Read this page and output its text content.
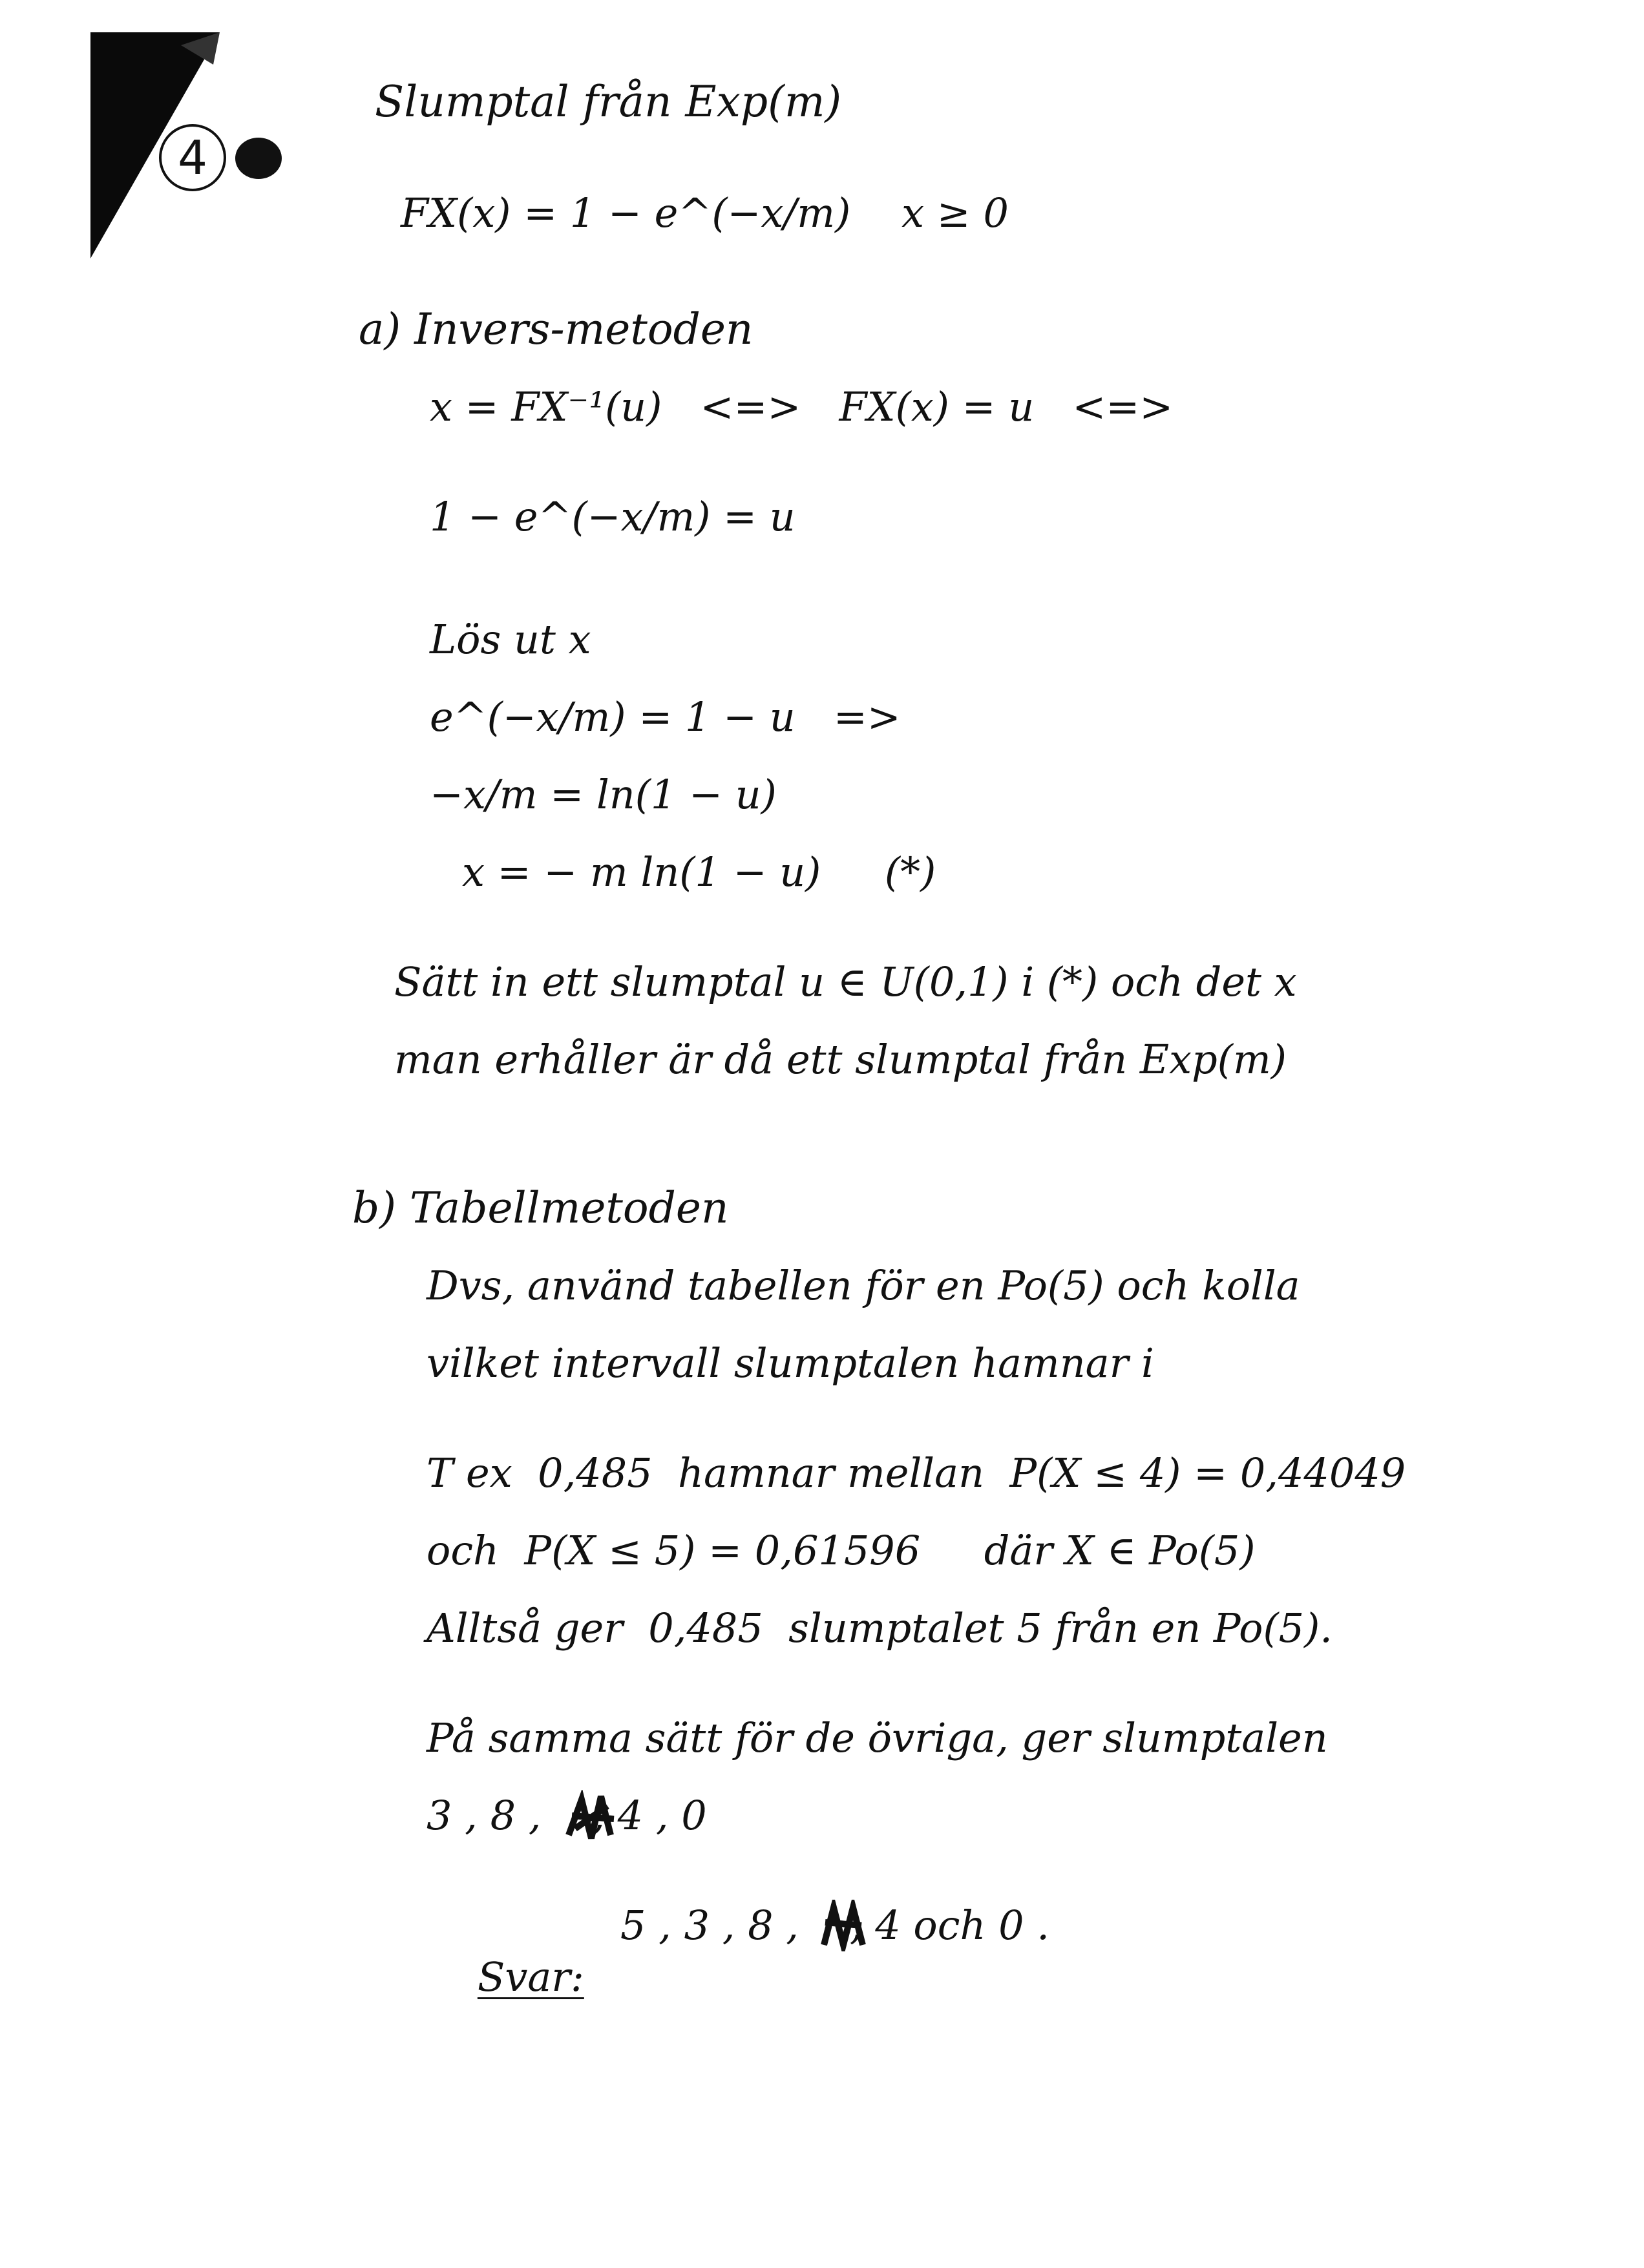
4
Slumptal från Exp(m)
FX(x) = 1 − e^(−x/m)    x ≥ 0
a) Invers-metoden
x = FX⁻¹(u)   <=>   FX(x) = u   <=>
1 − e^(−x/m) = u
Lös ut x
e^(−x/m) = 1 − u   =>
−x/m = ln(1 − u)
x = − m ln(1 − u)     (*)
Sätt in ett slumptal u ∈ U(0,1) i (*) och det x
man erhåller är då ett slumptal från Exp(m)
b) Tabellmetoden
Dvs, använd tabellen för en Po(5) och kolla
vilket intervall slumptalen hamnar i
T ex  0,485  hamnar mellan  P(X ≤ 4) = 0,44049
och  P(X ≤ 5) = 0,61596     där X ∈ Po(5)
Alltså ger  0,485  slumptalet 5 från en Po(5).
På samma sätt för de övriga, ger slumptalen
3 , 8 ,    , 4 , 0

Svar:

5 , 3 , 8 ,    , 4 och 0 .
